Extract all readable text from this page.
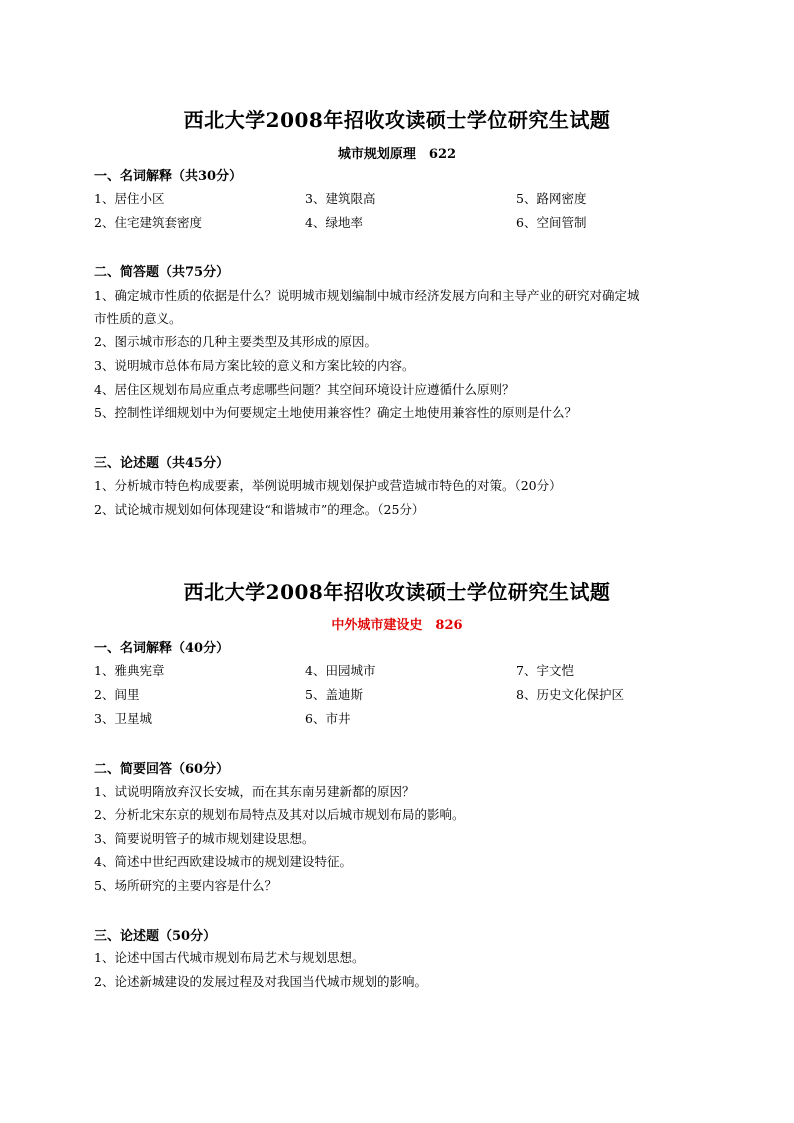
西北大学2008年招收攻读硕士学位研究生试题
城市规划原理　622
一、名词解释（共30分）
1、居住小区	3、建筑限高	5、路网密度
2、住宅建筑套密度	4、绿地率	6、空间管制
二、简答题（共75分）
1、确定城市性质的依据是什么？说明城市规划编制中城市经济发展方向和主导产业的研究对确定城
市性质的意义。
2、图示城市形态的几种主要类型及其形成的原因。
3、说明城市总体布局方案比较的意义和方案比较的内容。
4、居住区规划布局应重点考虑哪些问题？其空间环境设计应遵循什么原则？
5、控制性详细规划中为何要规定土地使用兼容性？确定土地使用兼容性的原则是什么？
三、论述题（共45分）
1、分析城市特色构成要素，举例说明城市规划保护或营造城市特色的对策。（20分）
2、试论城市规划如何体现建设“和谐城市”的理念。（25分）
西北大学2008年招收攻读硕士学位研究生试题
中外城市建设史　826
一、名词解释（40分）
1、雅典宪章	4、田园城市	7、宇文恺
2、闾里	5、盖迪斯	8、历史文化保护区
3、卫星城	6、市井
二、简要回答（60分）
1、试说明隋放弃汉长安城，而在其东南另建新都的原因？
2、分析北宋东京的规划布局特点及其对以后城市规划布局的影响。
3、简要说明管子的城市规划建设思想。
4、简述中世纪西欧建设城市的规划建设特征。
5、场所研究的主要内容是什么？
三、论述题（50分）
1、论述中国古代城市规划布局艺术与规划思想。
2、论述新城建设的发展过程及对我国当代城市规划的影响。
